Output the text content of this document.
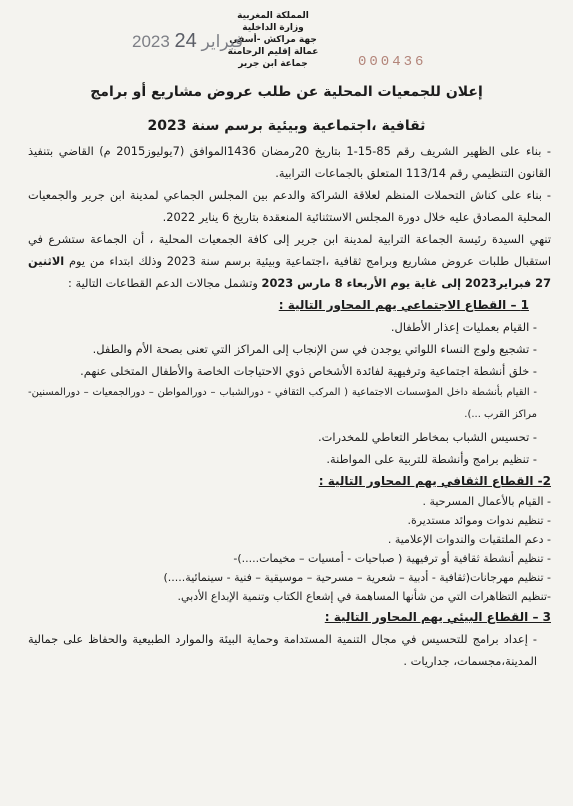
المملكة المغربية
وزارة الداخلية
جهة مراكش -أسفي
عمالة إقليم الرحامنة
جماعة ابن جرير
2023 فبراير 24
000436
إعلان للجمعيات المحلية عن طلب عروض مشاريع أو برامج
ثقافية ،اجتماعية وبيئية برسم سنة 2023

- بناء على الظهير الشريف رقم 85-15-1 بتاريخ 20رمضان 1436الموافق (7يوليوز2015 م) القاضي بتنفيذ القانون التنظيمي رقم 113/14 المتعلق بالجماعات الترابية.

- بناء على كناش التحملات المنظم لعلاقة الشراكة والدعم بين المجلس الجماعي لمدينة ابن جرير والجمعيات المحلية المصادق عليه خلال دورة المجلس الاستثنائية المنعقدة بتاريخ 6 يناير 2022.

تنهي السيدة رئيسة الجماعة الترابية لمدينة ابن جرير إلى كافة الجمعيات المحلية ، أن الجماعة ستشرع في استقبال طلبات عروض مشاريع وبرامج ثقافية ،اجتماعية وبيئية برسم سنة 2023 وذلك ابتداء من يوم الاثنين 27 فبراير2023 إلى غاية يوم الأربعاء 8 مارس 2023 وتشمل مجالات الدعم القطاعات التالية :

1 – القطاع الاجتماعي يهم المحاور التالية :

- القيام بعمليات إعذار الأطفال.
- تشجيع ولوج النساء اللواتي يوجدن في سن الإنجاب إلى المراكز التي تعنى بصحة الأم والطفل.
- خلق أنشطة اجتماعية وترفيهية لفائدة الأشخاص ذوي الاحتياجات الخاصة والأطفال المتخلى عنهم.
- القيام بأنشطة داخل المؤسسات الاجتماعية ( المركب الثقافي - دورالشباب – دورالمواطن – دورالجمعيات – دورالمسنين-مراكز القرب ...).
- تحسيس الشباب بمخاطر التعاطي للمخدرات.
- تنظيم برامج وأنشطة للتربية على المواطنة.

2- القطاع الثقافي يهم المحاور التالية :

- القيام بالأعمال المسرحية .
- تنظيم ندوات وموائد مستديرة.
- دعم الملتقيات والندوات الإعلامية .
- تنظيم أنشطة ثقافية أو ترفيهية ( صباحيات - أمسيات – مخيمات.....)-
- تنظيم مهرجانات(ثقافية - أدبية – شعرية – مسرحية – موسيقية – فنية - سينمائية.....)
-تنظيم التظاهرات التي من شأنها المساهمة في إشعاع الكتاب وتنمية الإبداع الأدبي.

3 – القطاع البيئي يهم المحاور التالية :

- إعداد برامج للتحسيس في مجال التنمية المستدامة وحماية البيئة والموارد الطبيعية والحفاظ على جمالية المدينة،مجسمات، جداريات .
